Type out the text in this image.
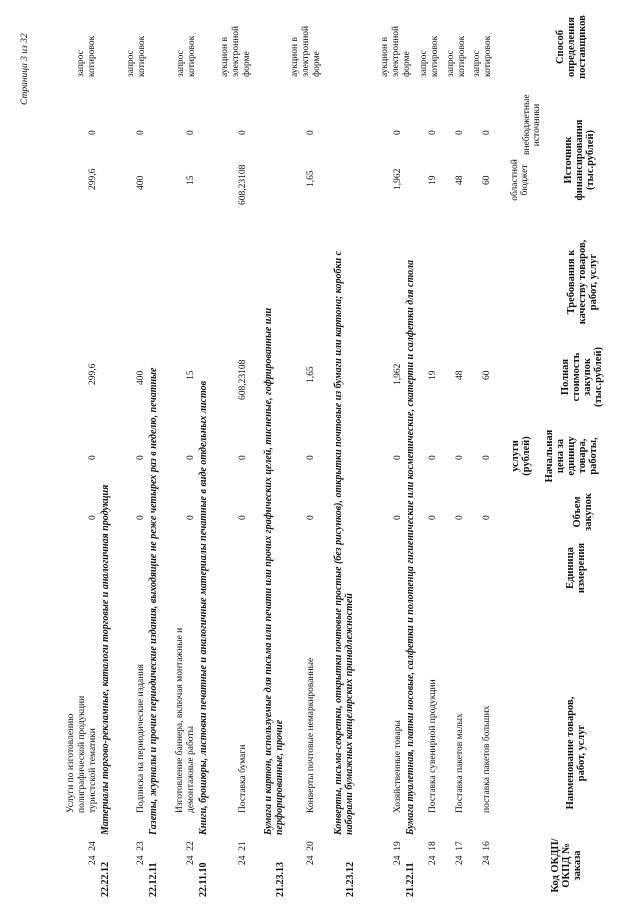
Код ОКДП/ ОКПД № заказа
Наименование товаров, работ, услуг
Единица измерения
Объем закупок
Начальная цена за единицу товара, работы,
услуги (рублей)
Полная стоимость закупок (тыс.рублей)
Требования к качеству товаров, работ, услуг
Источник финансирования (тыс.рублей)
областной бюджет
внебюджетные источники
Способ определения поставщиков
24  16
поставка пакетов больших
0
0
60
60
0
запрос котировок
24  17
Поставка пакетов малых
0
0
48
48
0
запрос котировок
24  18
Поставка сувенирной продукции
0
0
19
19
0
запрос котировок
21.22.11
Бумага туалетная, платки носовые, салфетки и полотенца гигиенические или косметические, скатерти и салфетки для стола
24  19
Хозяйственные товары
0
0
1,962
1,962
0
аукцион в электронной форме
21.23.12
Конверты, письма-секретки, открытки почтовые простые (без рисунков), открытки почтовые из бумаги или картона; коробки с наборами бумажных канцелярских принадлежностей
24  20
Конверты почтовые немаркированные
0
0
1,65
1,65
0
аукцион в электронной форме
21.23.13
Бумага и картон, используемые для письма или печати или прочих графических целей, тисненые, гофрированные или перфорированные, прочие
24  21
Поставка бумаги
0
0
608,23108
608,23108
0
аукцион в электронной форме
22.11.10
Книги, брошюры, листовки печатные и аналогичные материалы печатные в виде отдельных листов
24  22
Изготовление баннера, включая монтажные и демонтажные работы
0
0
15
15
0
запрос котировок
22.12.11
Газеты, журналы и прочие периодические издания, выходящие не реже четырех раз в неделю, печатные
24  23
Подписка на периодические издания
0
0
400
400
0
запрос котировок
22.22.12
Материалы торгово-рекламные, каталоги торговые и аналогичная продукция
24  24
Услуги по изготовлению полиграфической продукции туристской тематики
0
0
299,6
299,6
0
запрос котировок
Страница 3 из 32
